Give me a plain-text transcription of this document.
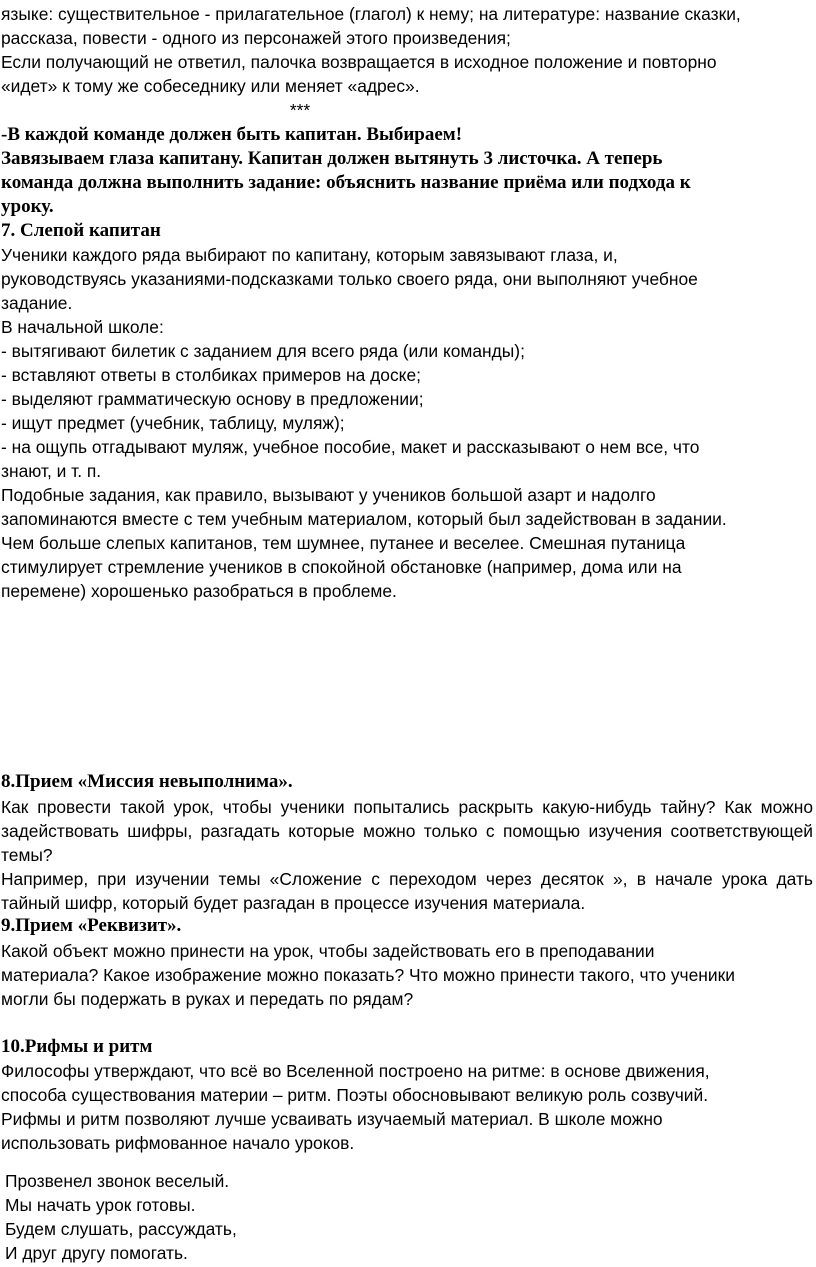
языке: существительное - прилагательное (глагол) к нему; на литературе: название сказки,
рассказа, повести - одного из персонажей этого произведения;
Если получающий не ответил, палочка возвращается в исходное положение и повторно
«идет» к тому же собеседнику или меняет «адрес».
***
-В каждой команде должен быть капитан. Выбираем!
Завязываем глаза капитану. Капитан должен вытянуть 3 листочка. А теперь
команда должна выполнить задание: объяснить название приёма или подхода к
уроку.
7. Слепой капитан
Ученики каждого ряда выбирают по капитану, которым завязывают глаза, и,
руководствуясь указаниями-подсказками только своего ряда, они выполняют учебное
задание.
В начальной школе:
- вытягивают билетик с заданием для всего ряда (или команды);
- вставляют ответы в столбиках примеров на доске;
- выделяют грамматическую основу в предложении;
- ищут предмет (учебник, таблицу, муляж);
- на ощупь отгадывают муляж, учебное пособие, макет и рассказывают о нем все, что
знают, и т. п.
Подобные задания, как правило, вызывают у учеников большой азарт и надолго
запоминаются вместе с тем учебным материалом, который был задействован в задании.
Чем больше слепых капитанов, тем шумнее, путанее и веселее. Смешная путаница
стимулирует стремление учеников в спокойной обстановке (например, дома или на
перемене) хорошенько разобраться в проблеме.
8.Прием «Миссия невыполнима».

Как провести такой урок, чтобы ученики попытались раскрыть какую-нибудь тайну? Как можно задействовать шифры, разгадать которые можно только с помощью изучения соответствующей темы?

Например, при изучении темы «Сложение с переходом через десяток », в начале урока дать тайный шифр, который будет разгадан в процессе изучения материала.

9.Прием «Реквизит».
Какой объект можно принести на урок, чтобы задействовать его в преподавании
материала? Какое изображение можно показать? Что можно принести такого, что ученики
могли бы подержать в руках и передать по рядам?
10.Рифмы и ритм
Философы утверждают, что всё во Вселенной построено на ритме: в основе движения,
способа существования материи – ритм. Поэты обосновывают великую роль созвучий.
Рифмы и ритм позволяют лучше усваивать изучаемый материал. В школе можно
использовать рифмованное начало уроков.
Прозвенел звонок веселый.
Мы начать урок готовы.
Будем слушать, рассуждать,
И друг другу помогать.
